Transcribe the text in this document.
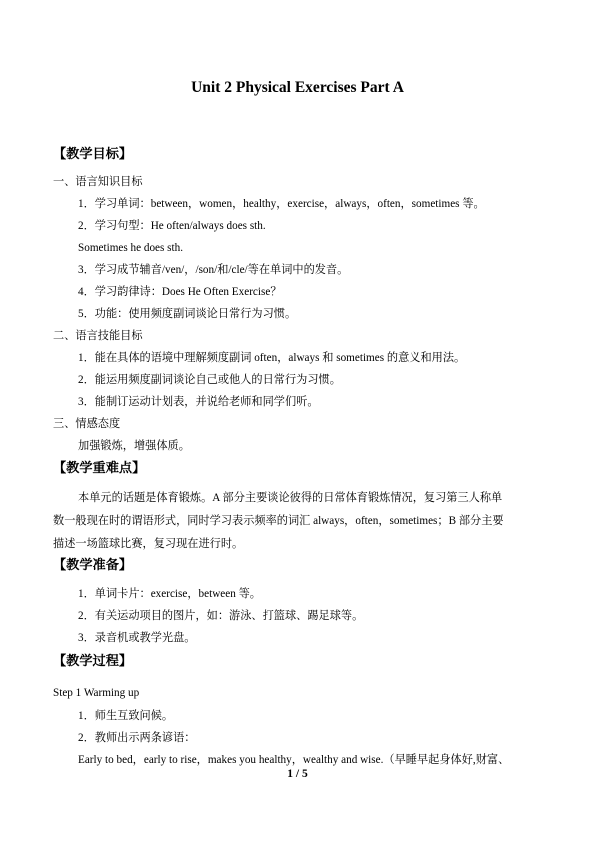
Unit 2 Physical Exercises Part A
【教学目标】
一、语言知识目标
1．学习单词：between，women，healthy，exercise，always，often，sometimes 等。
2．学习句型：He often/always does sth.
Sometimes he does sth.
3．学习成节辅音/ven/，/son/和/cle/等在单词中的发音。
4．学习韵律诗：Does He Often Exercise？
5．功能：使用频度副词谈论日常行为习惯。
二、语言技能目标
1．能在具体的语境中理解频度副词 often，always 和 sometimes 的意义和用法。
2．能运用频度副词谈论自己或他人的日常行为习惯。
3．能制订运动计划表，并说给老师和同学们听。
三、情感态度
加强锻炼，增强体质。
【教学重难点】
本单元的话题是体育锻炼。A 部分主要谈论彼得的日常体育锻炼情况，复习第三人称单
数一般现在时的谓语形式，同时学习表示频率的词汇 always，often，sometimes；B 部分主要
描述一场篮球比赛，复习现在进行时。
【教学准备】
1．单词卡片：exercise，between 等。
2．有关运动项目的图片，如：游泳、打篮球、踢足球等。
3．录音机或教学光盘。
【教学过程】
Step 1 Warming up
1．师生互致问候。
2．教师出示两条谚语：
Early to bed，early to rise，makes you healthy，wealthy and wise.（早睡早起身体好,财富、
1 / 5
